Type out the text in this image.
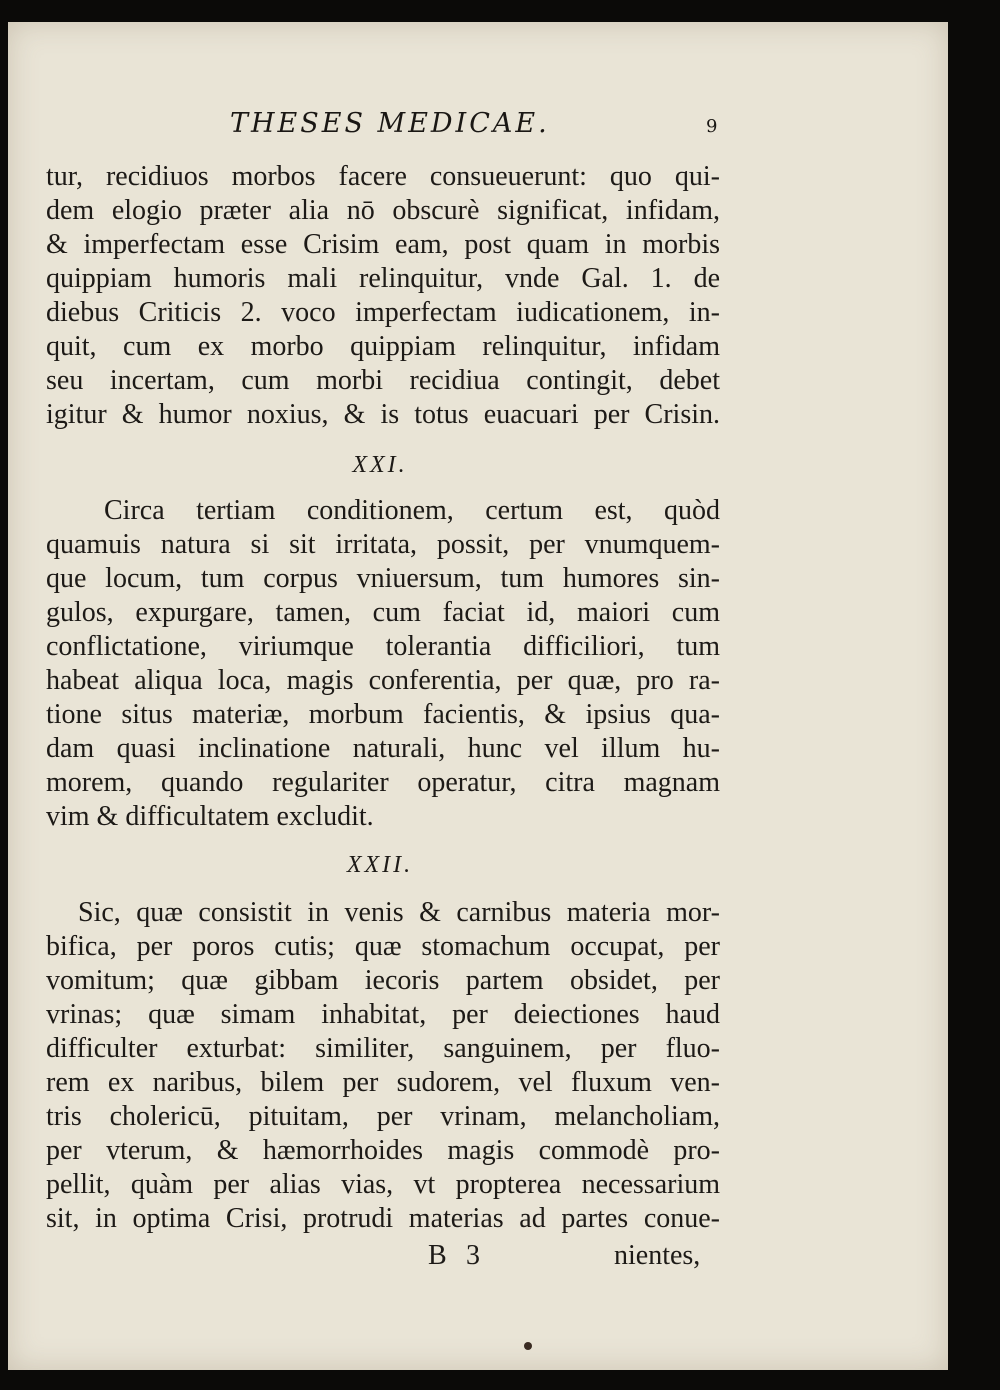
THESES MEDICAE.	9

tur, recidiuos morbos facere consueuerunt: quo qui-

dem elogio præter alia nō obscurè significat, infidam,

& imperfectam esse Crisim eam, post quam in morbis

quippiam humoris mali relinquitur, vnde Gal. 1. de

diebus Criticis 2. voco imperfectam iudicationem, in-

quit, cum ex morbo quippiam relinquitur, infidam

seu incertam, cum morbi recidiua contingit, debet

igitur & humor noxius, & is totus euacuari per Crisin.

XXI.

Circa tertiam conditionem, certum est, quòd

quamuis natura si sit irritata, possit, per vnumquem-

que locum, tum corpus vniuersum, tum humores sin-

gulos, expurgare, tamen, cum faciat id, maiori cum

conflictatione, viriumque tolerantia difficiliori, tum

habeat aliqua loca, magis conferentia, per quæ, pro ra-

tione situs materiæ, morbum facientis, & ipsius qua-

dam quasi inclinatione naturali, hunc vel illum hu-

morem, quando regulariter operatur, citra magnam

vim & difficultatem excludit.

XXII.

Sic, quæ consistit in venis & carnibus materia mor-

bifica, per poros cutis; quæ stomachum occupat, per

vomitum; quæ gibbam iecoris partem obsidet, per

vrinas; quæ simam inhabitat, per deiectiones haud

difficulter exturbat: similiter, sanguinem, per fluo-

rem ex naribus, bilem per sudorem, vel fluxum ven-

tris cholericū, pituitam, per vrinam, melancholiam,

per vterum, & hæmorrhoides magis commodè pro-

pellit, quàm per alias vias, vt propterea necessarium

sit, in optima Crisi, protrudi materias ad partes conue-

B 3	nientes,
